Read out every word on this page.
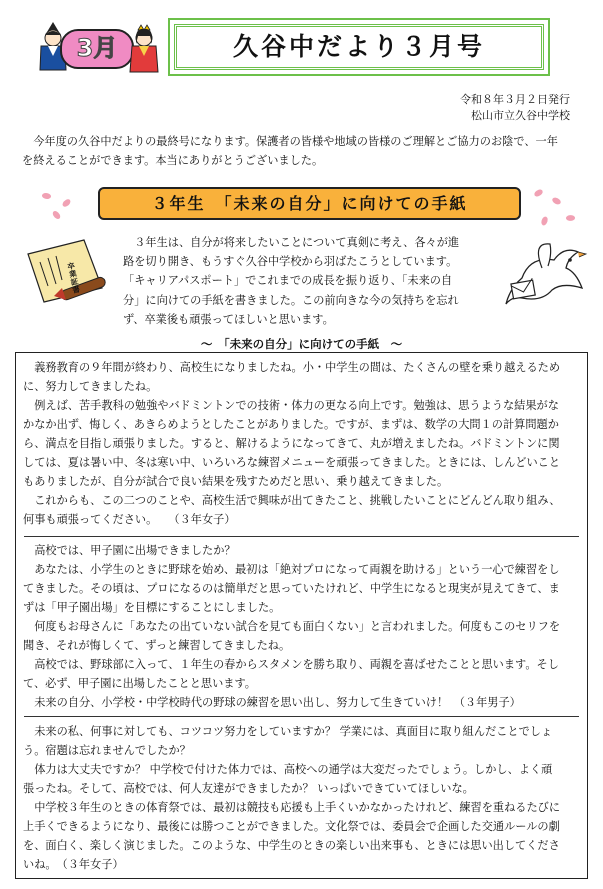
3月	久谷中だより３月号
令和８年３月２日発行
松山市立久谷中学校
今年度の久谷中だよりの最終号になります。保護者の皆様や地域の皆様のご理解とご協力のお陰で、一年
を終えることができます。本当にありがとうございました。
３年生　「未来の自分」に向けての手紙
卒業証書
３年生は、自分が将来したいことについて真剣に考え、各々が進
路を切り開き、もうすぐ久谷中学校から羽ばたこうとしています。
「キャリアパスポート」でこれまでの成長を振り返り、「未来の自
分」に向けての手紙を書きました。この前向きな今の気持ちを忘れ
ず、卒業後も頑張ってほしいと思います。
～　「未来の自分」に向けての手紙　～
　義務教育の９年間が終わり、高校生になりましたね。小・中学生の間は、たくさんの壁を乗り越えるため
に、努力してきましたね。
　例えば、苦手教科の勉強やバドミントンでの技術・体力の更なる向上です。勉強は、思うような結果がな
かなか出ず、悔しく、あきらめようとしたことがありました。ですが、まずは、数学の大問１の計算問題か
ら、満点を目指し頑張りました。すると、解けるようになってきて、丸が増えましたね。バドミントンに関
しては、夏は暑い中、冬は寒い中、いろいろな練習メニューを頑張ってきました。ときには、しんどいこと
もありましたが、自分が試合で良い結果を残すためだと思い、乗り越えてきました。
　これからも、この二つのことや、高校生活で興味が出てきたこと、挑戦したいことにどんどん取り組み、
何事も頑張ってください。　　（３年女子）
　高校では、甲子園に出場できましたか？
　あなたは、小学生のときに野球を始め、最初は「絶対プロになって両親を助ける」という一心で練習をし
てきました。その頃は、プロになるのは簡単だと思っていたけれど、中学生になると現実が見えてきて、ま
ずは「甲子園出場」を目標にすることにしました。
　何度もお母さんに「あなたの出ていない試合を見ても面白くない」と言われました。何度もこのセリフを
聞き、それが悔しくて、ずっと練習してきましたね。
　高校では、野球部に入って、１年生の春からスタメンを勝ち取り、両親を喜ばせたことと思います。そし
て、必ず、甲子園に出場したことと思います。
　未来の自分、小学校・中学校時代の野球の練習を思い出し、努力して生きていけ！　（３年男子）
　未来の私、何事に対しても、コツコツ努力をしていますか？ 学業には、真面目に取り組んだことでしょ
う。宿題は忘れませんでしたか？
　体力は大丈夫ですか？ 中学校で付けた体力では、高校への通学は大変だったでしょう。しかし、よく頑
張ったね。そして、高校では、何人友達ができましたか？ いっぱいできていてほしいな。
　中学校３年生のときの体育祭では、最初は競技も応援も上手くいかなかったけれど、練習を重ねるたびに
上手くできるようになり、最後には勝つことができました。文化祭では、委員会で企画した交通ルールの劇
を、面白く、楽しく演じました。このような、中学生のときの楽しい出来事も、ときには思い出してくださ
いね。　（３年女子）
